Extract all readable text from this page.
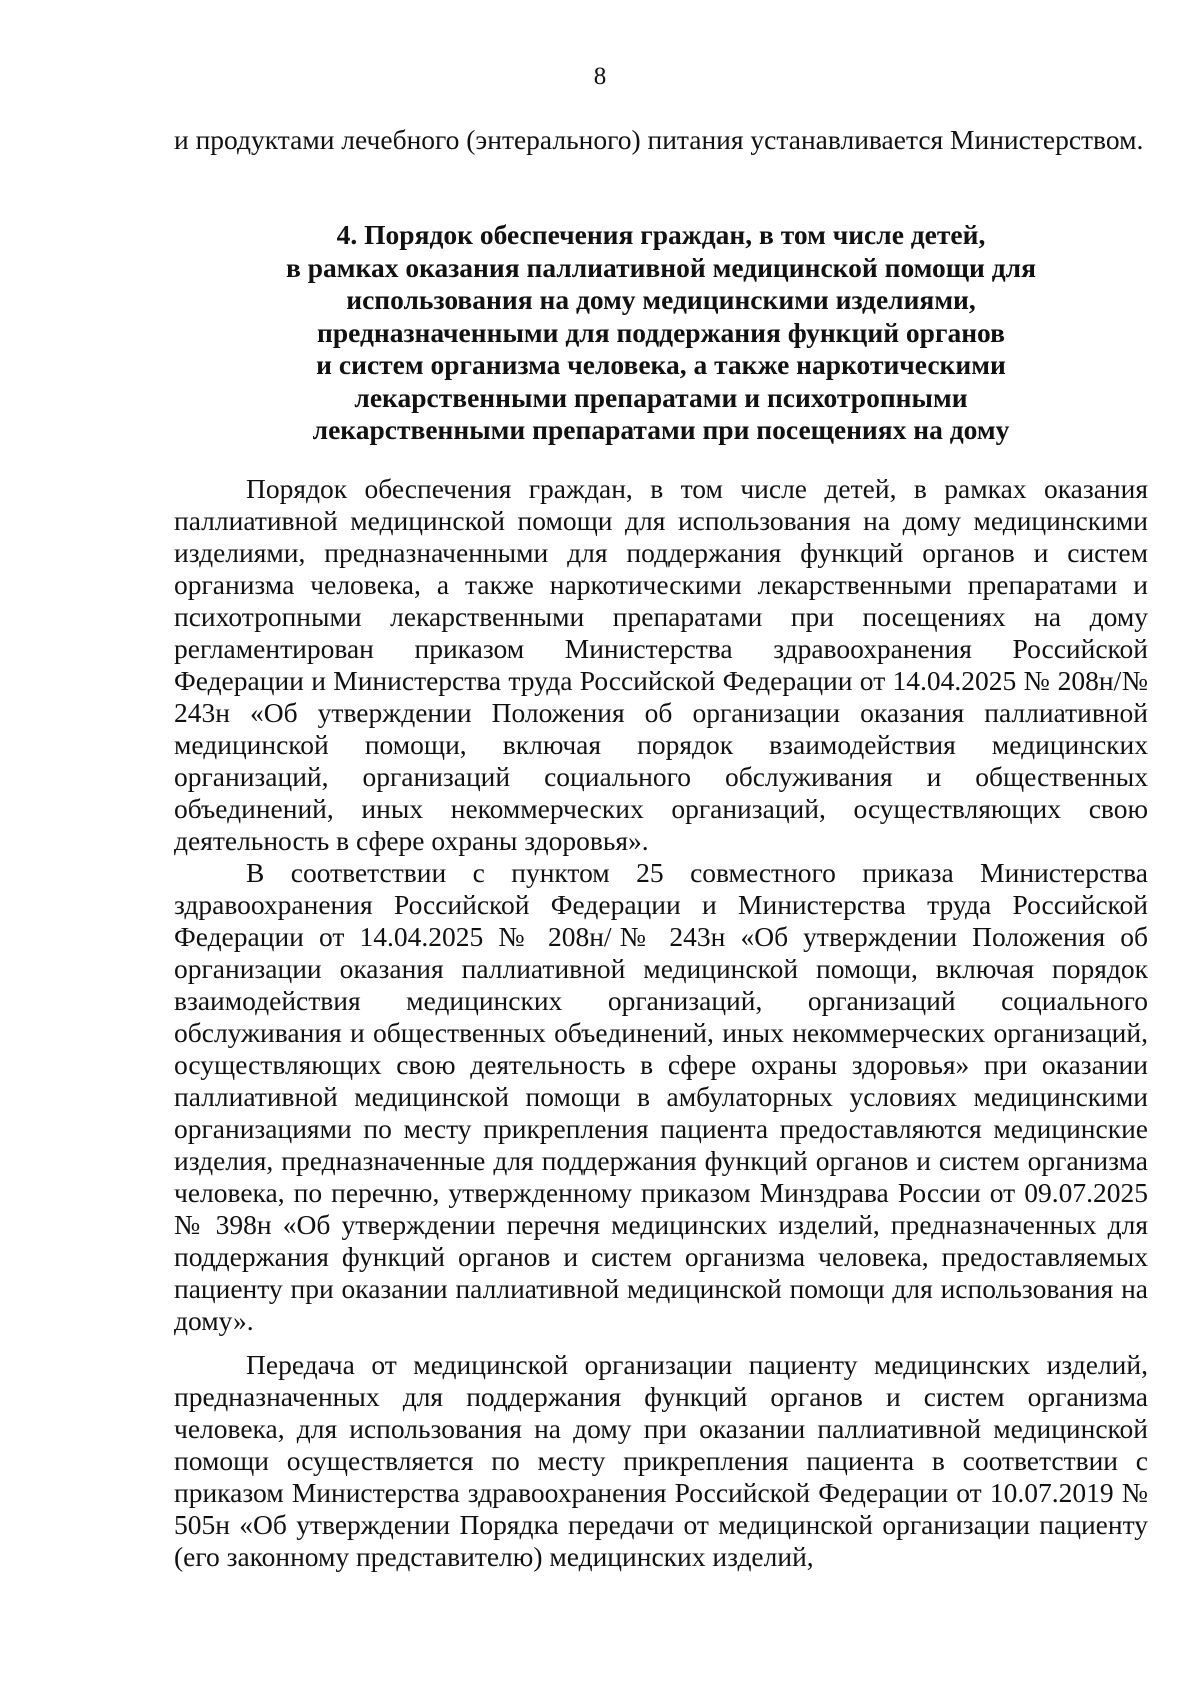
8

и продуктами лечебного (энтерального) питания устанавливается Министерством.

4. Порядок обеспечения граждан, в том числе детей,
в рамках оказания паллиативной медицинской помощи для
использования на дому медицинскими изделиями,
предназначенными для поддержания функций органов
и систем организма человека, а также наркотическими
лекарственными препаратами и психотропными
лекарственными препаратами при посещениях на дому

Порядок обеспечения граждан, в том числе детей, в рамках оказания паллиативной медицинской помощи для использования на дому медицинскими изделиями, предназначенными для поддержания функций органов и систем организма человека, а также наркотическими лекарственными препаратами и психотропными лекарственными препаратами при посещениях на дому регламентирован приказом Министерства здравоохранения Российской Федерации и Министерства труда Российской Федерации от 14.04.2025 № 208н/№ 243н «Об утверждении Положения об организации оказания паллиативной медицинской помощи, включая порядок взаимодействия медицинских организаций, организаций социального обслуживания и общественных объединений, иных некоммерческих организаций, осуществляющих свою деятельность в сфере охраны здоровья».

В соответствии с пунктом 25 совместного приказа Министерства здравоохранения Российской Федерации и Министерства труда Российской Федерации от 14.04.2025 № 208н/№ 243н «Об утверждении Положения об организации оказания паллиативной медицинской помощи, включая порядок взаимодействия медицинских организаций, организаций социального обслуживания и общественных объединений, иных некоммерческих организаций, осуществляющих свою деятельность в сфере охраны здоровья» при оказании паллиативной медицинской помощи в амбулаторных условиях медицинскими организациями по месту прикрепления пациента предоставляются медицинские изделия, предназначенные для поддержания функций органов и систем организма человека, по перечню, утвержденному приказом Минздрава России от 09.07.2025 № 398н «Об утверждении перечня медицинских изделий, предназначенных для поддержания функций органов и систем организма человека, предоставляемых пациенту при оказании паллиативной медицинской помощи для использования на дому».

Передача от медицинской организации пациенту медицинских изделий, предназначенных для поддержания функций органов и систем организма человека, для использования на дому при оказании паллиативной медицинской помощи осуществляется по месту прикрепления пациента в соответствии с приказом Министерства здравоохранения Российской Федерации от 10.07.2019 № 505н «Об утверждении Порядка передачи от медицинской организации пациенту (его законному представителю) медицинских изделий,
